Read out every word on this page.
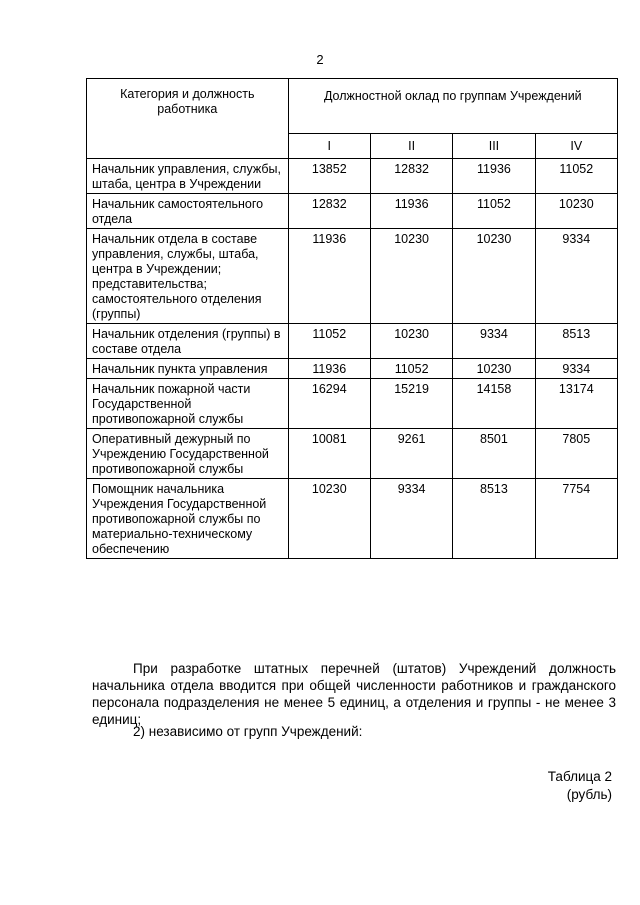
2
Категория и должность работника	Должностной оклад по группам Учреждений			
	I	II	III	IV
Начальник управления, службы, штаба, центра в Учреждении	13852	12832	11936	11052
Начальник самостоятельного отдела	12832	11936	11052	10230
Начальник отдела в составе управления, службы, штаба, центра в Учреждении; представительства; самостоятельного отделения (группы)	11936	10230	10230	9334
Начальник отделения (группы) в составе отдела	11052	10230	9334	8513
Начальник пункта управления	11936	11052	10230	9334
Начальник пожарной части Государственной противопожарной службы	16294	15219	14158	13174
Оперативный дежурный по Учреждению Государственной противопожарной службы	10081	9261	8501	7805
Помощник начальника Учреждения Государственной противопожарной службы по материально-техническому обеспечению	10230	9334	8513	7754
При разработке штатных перечней (штатов) Учреждений должность начальника отдела вводится при общей численности работников и гражданского персонала подразделения не менее 5 единиц, а отделения и группы - не менее 3 единиц;
2) независимо от групп Учреждений:
Таблица 2
(рубль)
